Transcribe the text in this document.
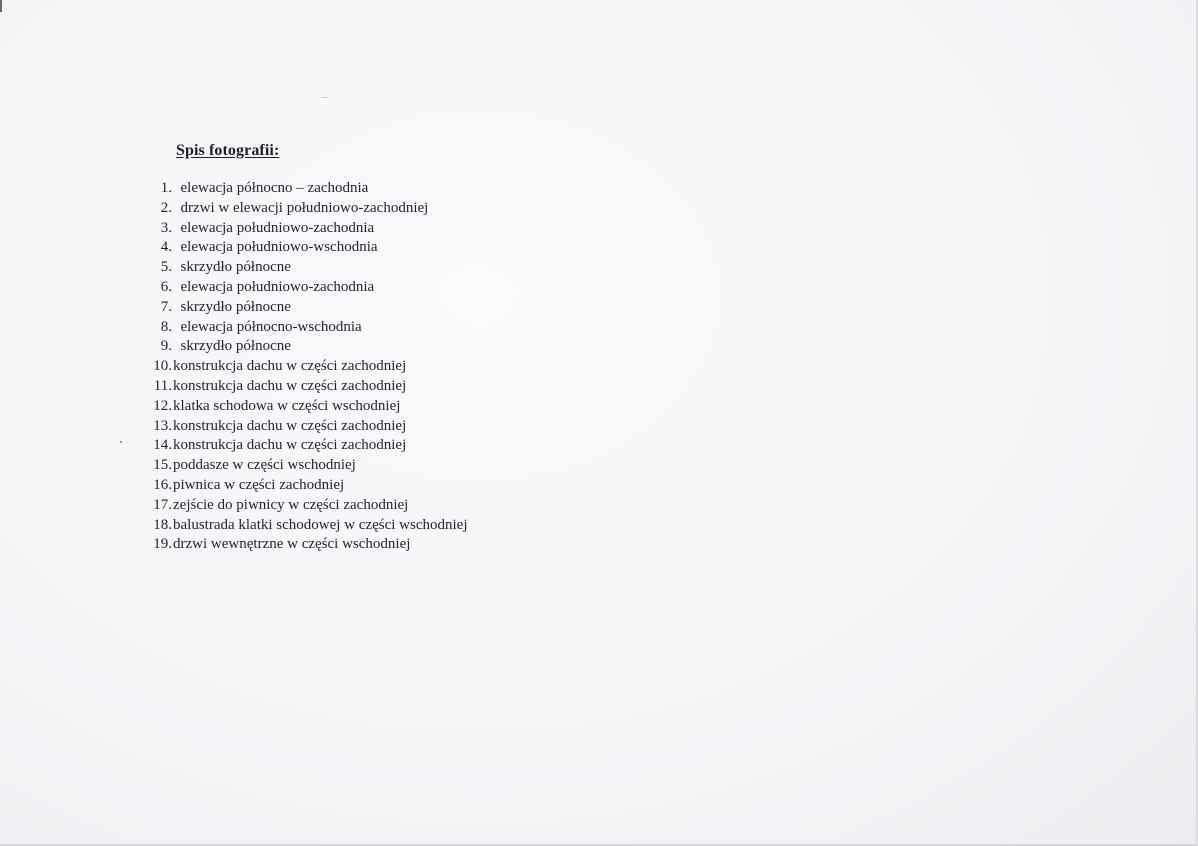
Spis fotografii:
1. elewacja północno – zachodnia
2. drzwi w elewacji południowo-zachodniej
3. elewacja południowo-zachodnia
4. elewacja południowo-wschodnia
5. skrzydło północne
6. elewacja południowo-zachodnia
7. skrzydło północne
8. elewacja północno-wschodnia
9. skrzydło północne
10.konstrukcja dachu w części zachodniej
11.konstrukcja dachu w części zachodniej
12.klatka schodowa w części wschodniej
13.konstrukcja dachu w części zachodniej
14.konstrukcja dachu w części zachodniej
15.poddasze w części wschodniej
16.piwnica w części zachodniej
17.zejście do piwnicy w części zachodniej
18.balustrada klatki schodowej w części wschodniej
19.drzwi wewnętrzne w części wschodniej
